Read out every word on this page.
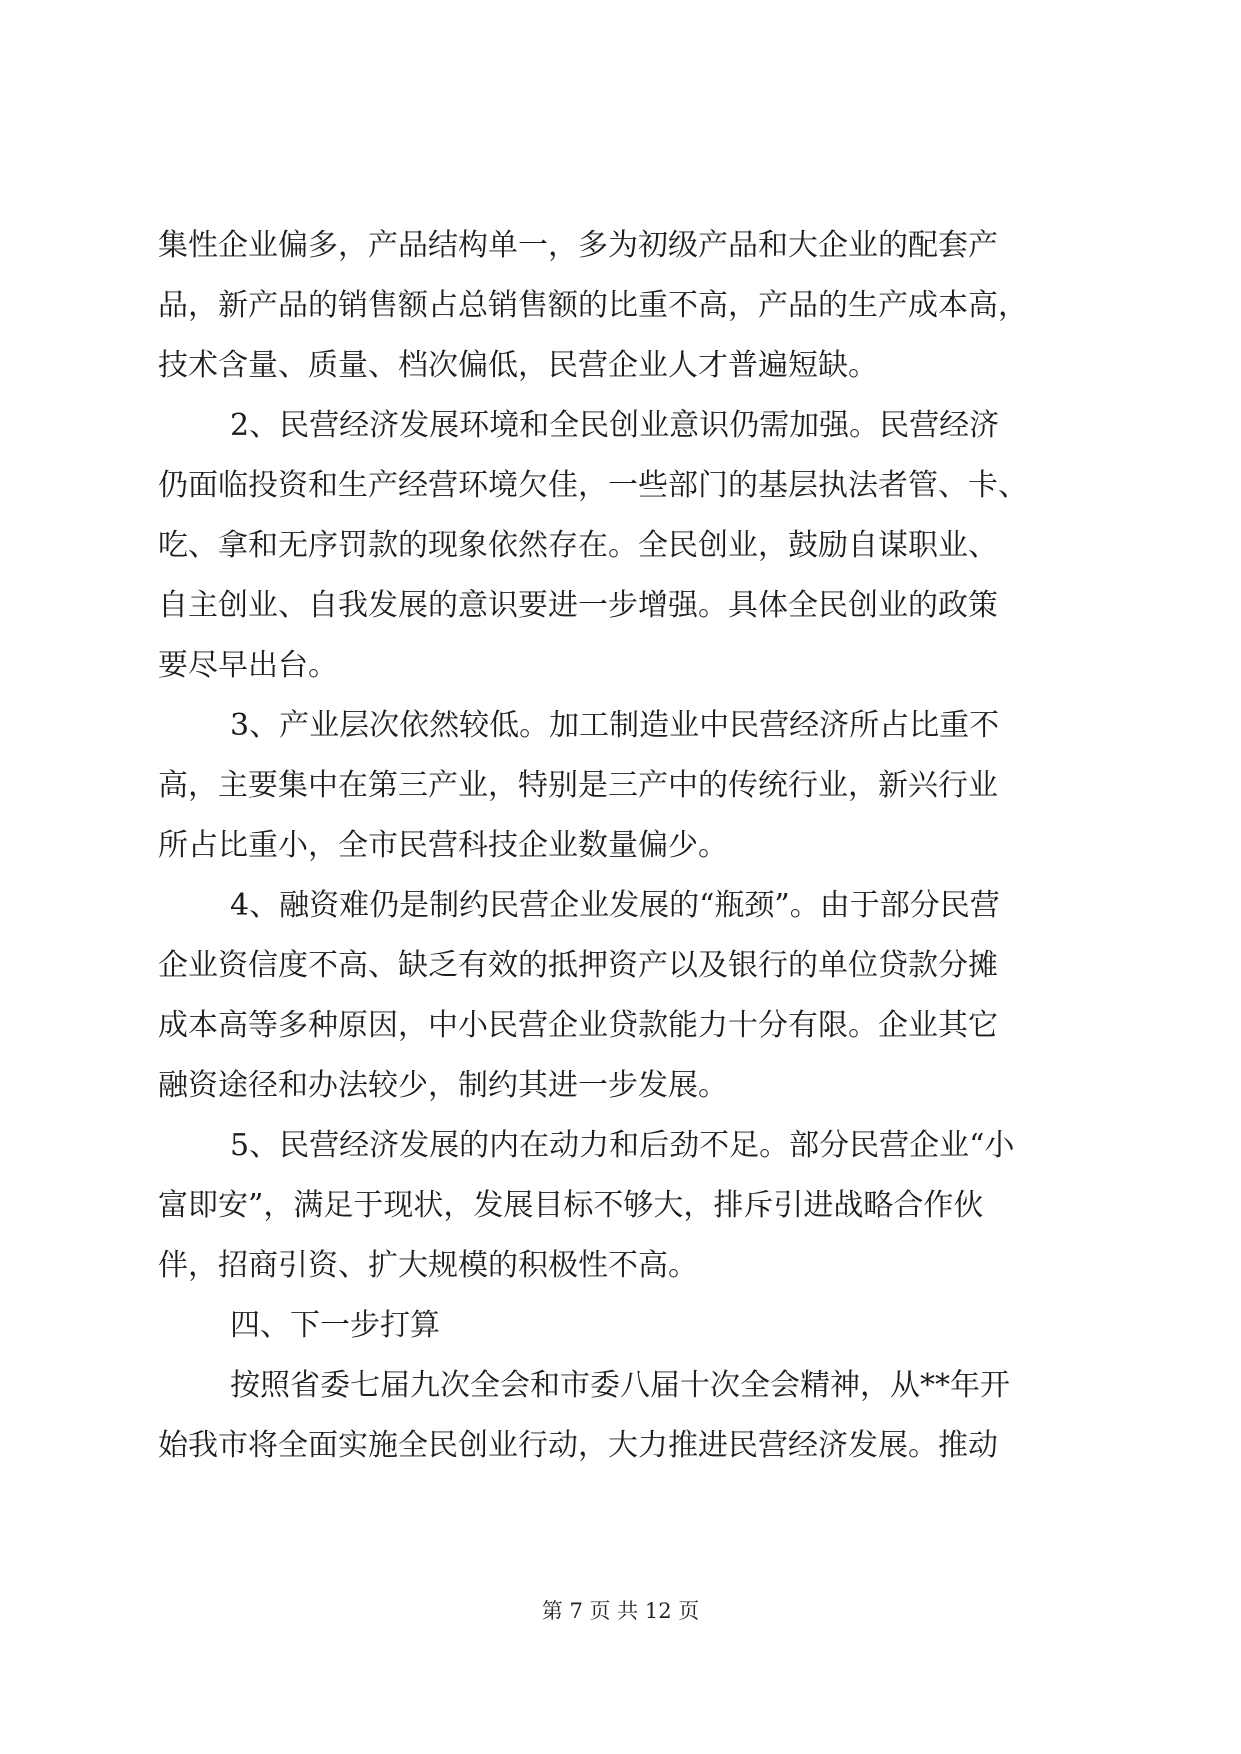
集性企业偏多，产品结构单一，多为初级产品和大企业的配套产
品，新产品的销售额占总销售额的比重不高，产品的生产成本高，
技术含量、质量、档次偏低，民营企业人才普遍短缺。
2、民营经济发展环境和全民创业意识仍需加强。民营经济
仍面临投资和生产经营环境欠佳，一些部门的基层执法者管、卡、
吃、拿和无序罚款的现象依然存在。全民创业，鼓励自谋职业、
自主创业、自我发展的意识要进一步增强。具体全民创业的政策
要尽早出台。
3、产业层次依然较低。加工制造业中民营经济所占比重不
高，主要集中在第三产业，特别是三产中的传统行业，新兴行业
所占比重小，全市民营科技企业数量偏少。
4、融资难仍是制约民营企业发展的“瓶颈”。由于部分民营
企业资信度不高、缺乏有效的抵押资产以及银行的单位贷款分摊
成本高等多种原因，中小民营企业贷款能力十分有限。企业其它
融资途径和办法较少，制约其进一步发展。
5、民营经济发展的内在动力和后劲不足。部分民营企业“小
富即安”，满足于现状，发展目标不够大，排斥引进战略合作伙
伴，招商引资、扩大规模的积极性不高。
四、下一步打算
按照省委七届九次全会和市委八届十次全会精神，从**年开
始我市将全面实施全民创业行动，大力推进民营经济发展。推动
第 7 页 共 12 页
